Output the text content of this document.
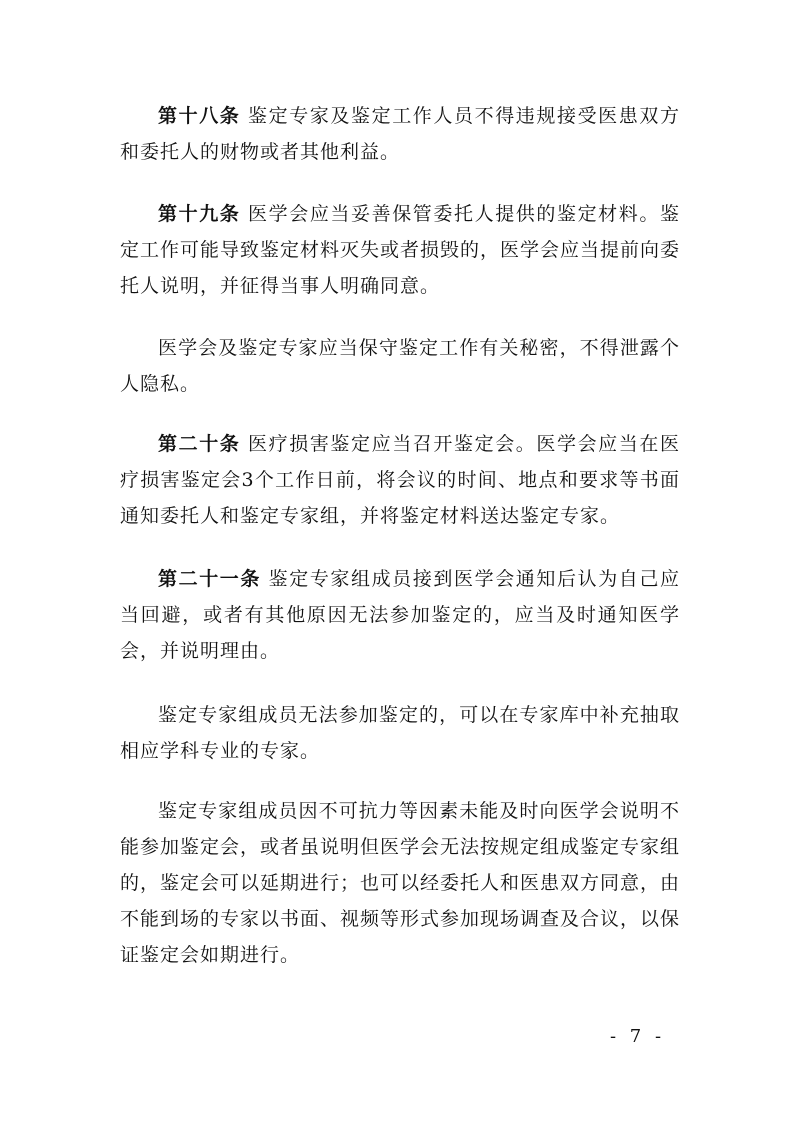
第十八条 鉴定专家及鉴定工作人员不得违规接受医患双方和委托人的财物或者其他利益。

第十九条 医学会应当妥善保管委托人提供的鉴定材料。鉴定工作可能导致鉴定材料灭失或者损毁的，医学会应当提前向委托人说明，并征得当事人明确同意。

医学会及鉴定专家应当保守鉴定工作有关秘密，不得泄露个人隐私。

第二十条 医疗损害鉴定应当召开鉴定会。医学会应当在医疗损害鉴定会3个工作日前，将会议的时间、地点和要求等书面通知委托人和鉴定专家组，并将鉴定材料送达鉴定专家。

第二十一条 鉴定专家组成员接到医学会通知后认为自己应当回避，或者有其他原因无法参加鉴定的，应当及时通知医学会，并说明理由。

鉴定专家组成员无法参加鉴定的，可以在专家库中补充抽取相应学科专业的专家。

鉴定专家组成员因不可抗力等因素未能及时向医学会说明不能参加鉴定会，或者虽说明但医学会无法按规定组成鉴定专家组的，鉴定会可以延期进行；也可以经委托人和医患双方同意，由不能到场的专家以书面、视频等形式参加现场调查及合议，以保证鉴定会如期进行。

- 7 -
